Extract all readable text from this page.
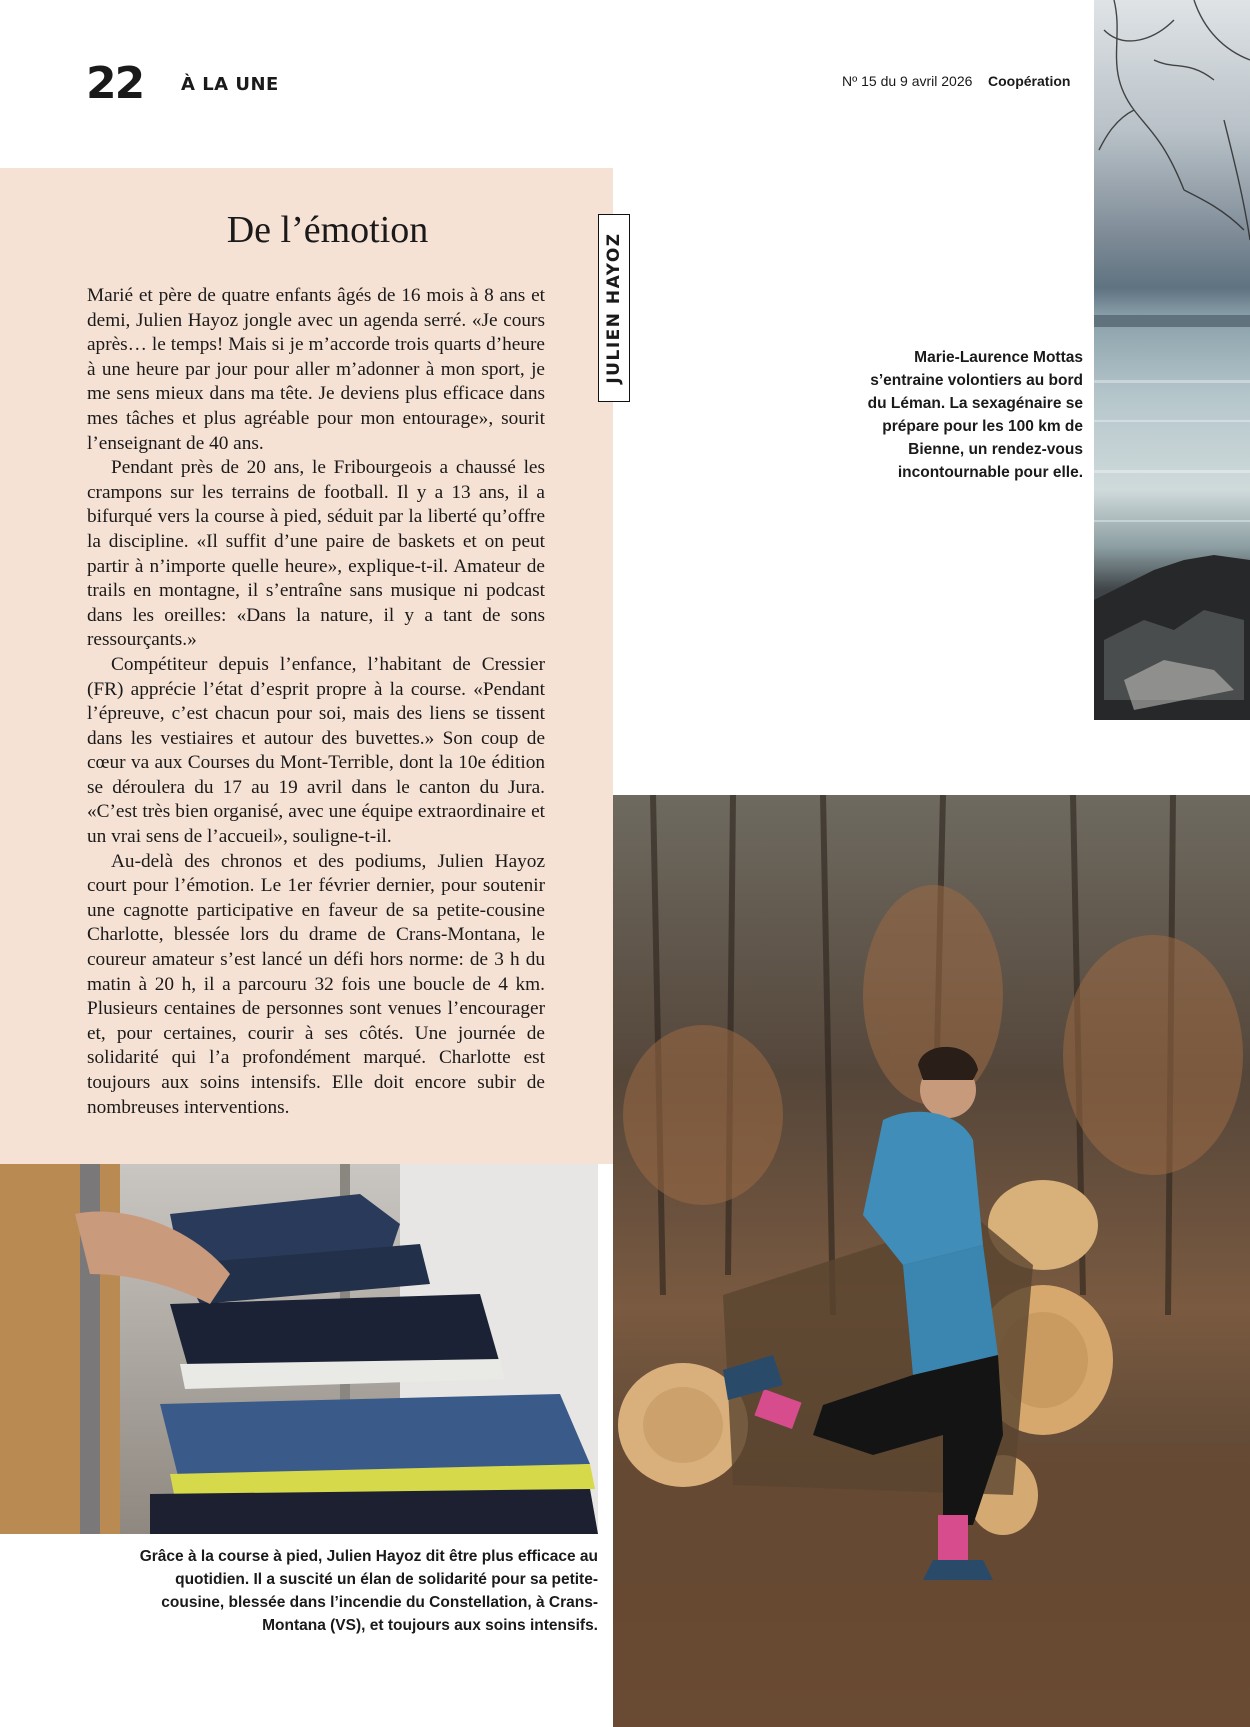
22 À LA UNE	Nº 15 du 9 avril 2026 Coopération
Marie-Laurence Mottas s’entraine volontiers au bord du Léman. La sexagénaire se prépare pour les 100 km de Bienne, un rendez-vous incontournable pour elle.
De l’émotion
JULIEN HAYOZ

Marié et père de quatre enfants âgés de 16 mois à 8 ans et demi, Julien Hayoz jongle avec un agenda serré. «Je cours après… le temps! Mais si je m’accorde trois quarts d’heure à une heure par jour pour aller m’adonner à mon sport, je me sens mieux dans ma tête. Je deviens plus efficace dans mes tâches et plus agréable pour mon entourage», sourit l’enseignant de 40 ans.

Pendant près de 20 ans, le Fribourgeois a chaussé les crampons sur les terrains de football. Il y a 13 ans, il a bifurqué vers la course à pied, séduit par la liberté qu’offre la discipline. «Il suffit d’une paire de baskets et on peut partir à n’importe quelle heure», explique-t-il. Amateur de trails en montagne, il s’entraîne sans musique ni podcast dans les oreilles: «Dans la nature, il y a tant de sons ressourçants.»

Compétiteur depuis l’enfance, l’habitant de Cressier (FR) apprécie l’état d’esprit propre à la course. «Pendant l’épreuve, c’est chacun pour soi, mais des liens se tissent dans les vestiaires et autour des buvettes.» Son coup de cœur va aux Courses du Mont-Terrible, dont la 10e édition se déroulera du 17 au 19 avril dans le canton du Jura. «C’est très bien organisé, avec une équipe extraordinaire et un vrai sens de l’accueil», souligne-t-il.

Au-delà des chronos et des podiums, Julien Hayoz court pour l’émotion. Le 1er février dernier, pour soutenir une cagnotte participative en faveur de sa petite-cousine Charlotte, blessée lors du drame de Crans-Montana, le coureur amateur s’est lancé un défi hors norme: de 3 h du matin à 20 h, il a parcouru 32 fois une boucle de 4 km. Plusieurs centaines de personnes sont venues l’encourager et, pour certaines, courir à ses côtés. Une journée de solidarité qui l’a profondément marqué. Charlotte est toujours aux soins intensifs. Elle doit encore subir de nombreuses interventions.

Grâce à la course à pied, Julien Hayoz dit être plus efficace au quotidien. Il a suscité un élan de solidarité pour sa petite-cousine, blessée dans l’incendie du Constellation, à Crans-Montana (VS), et toujours aux soins intensifs.
